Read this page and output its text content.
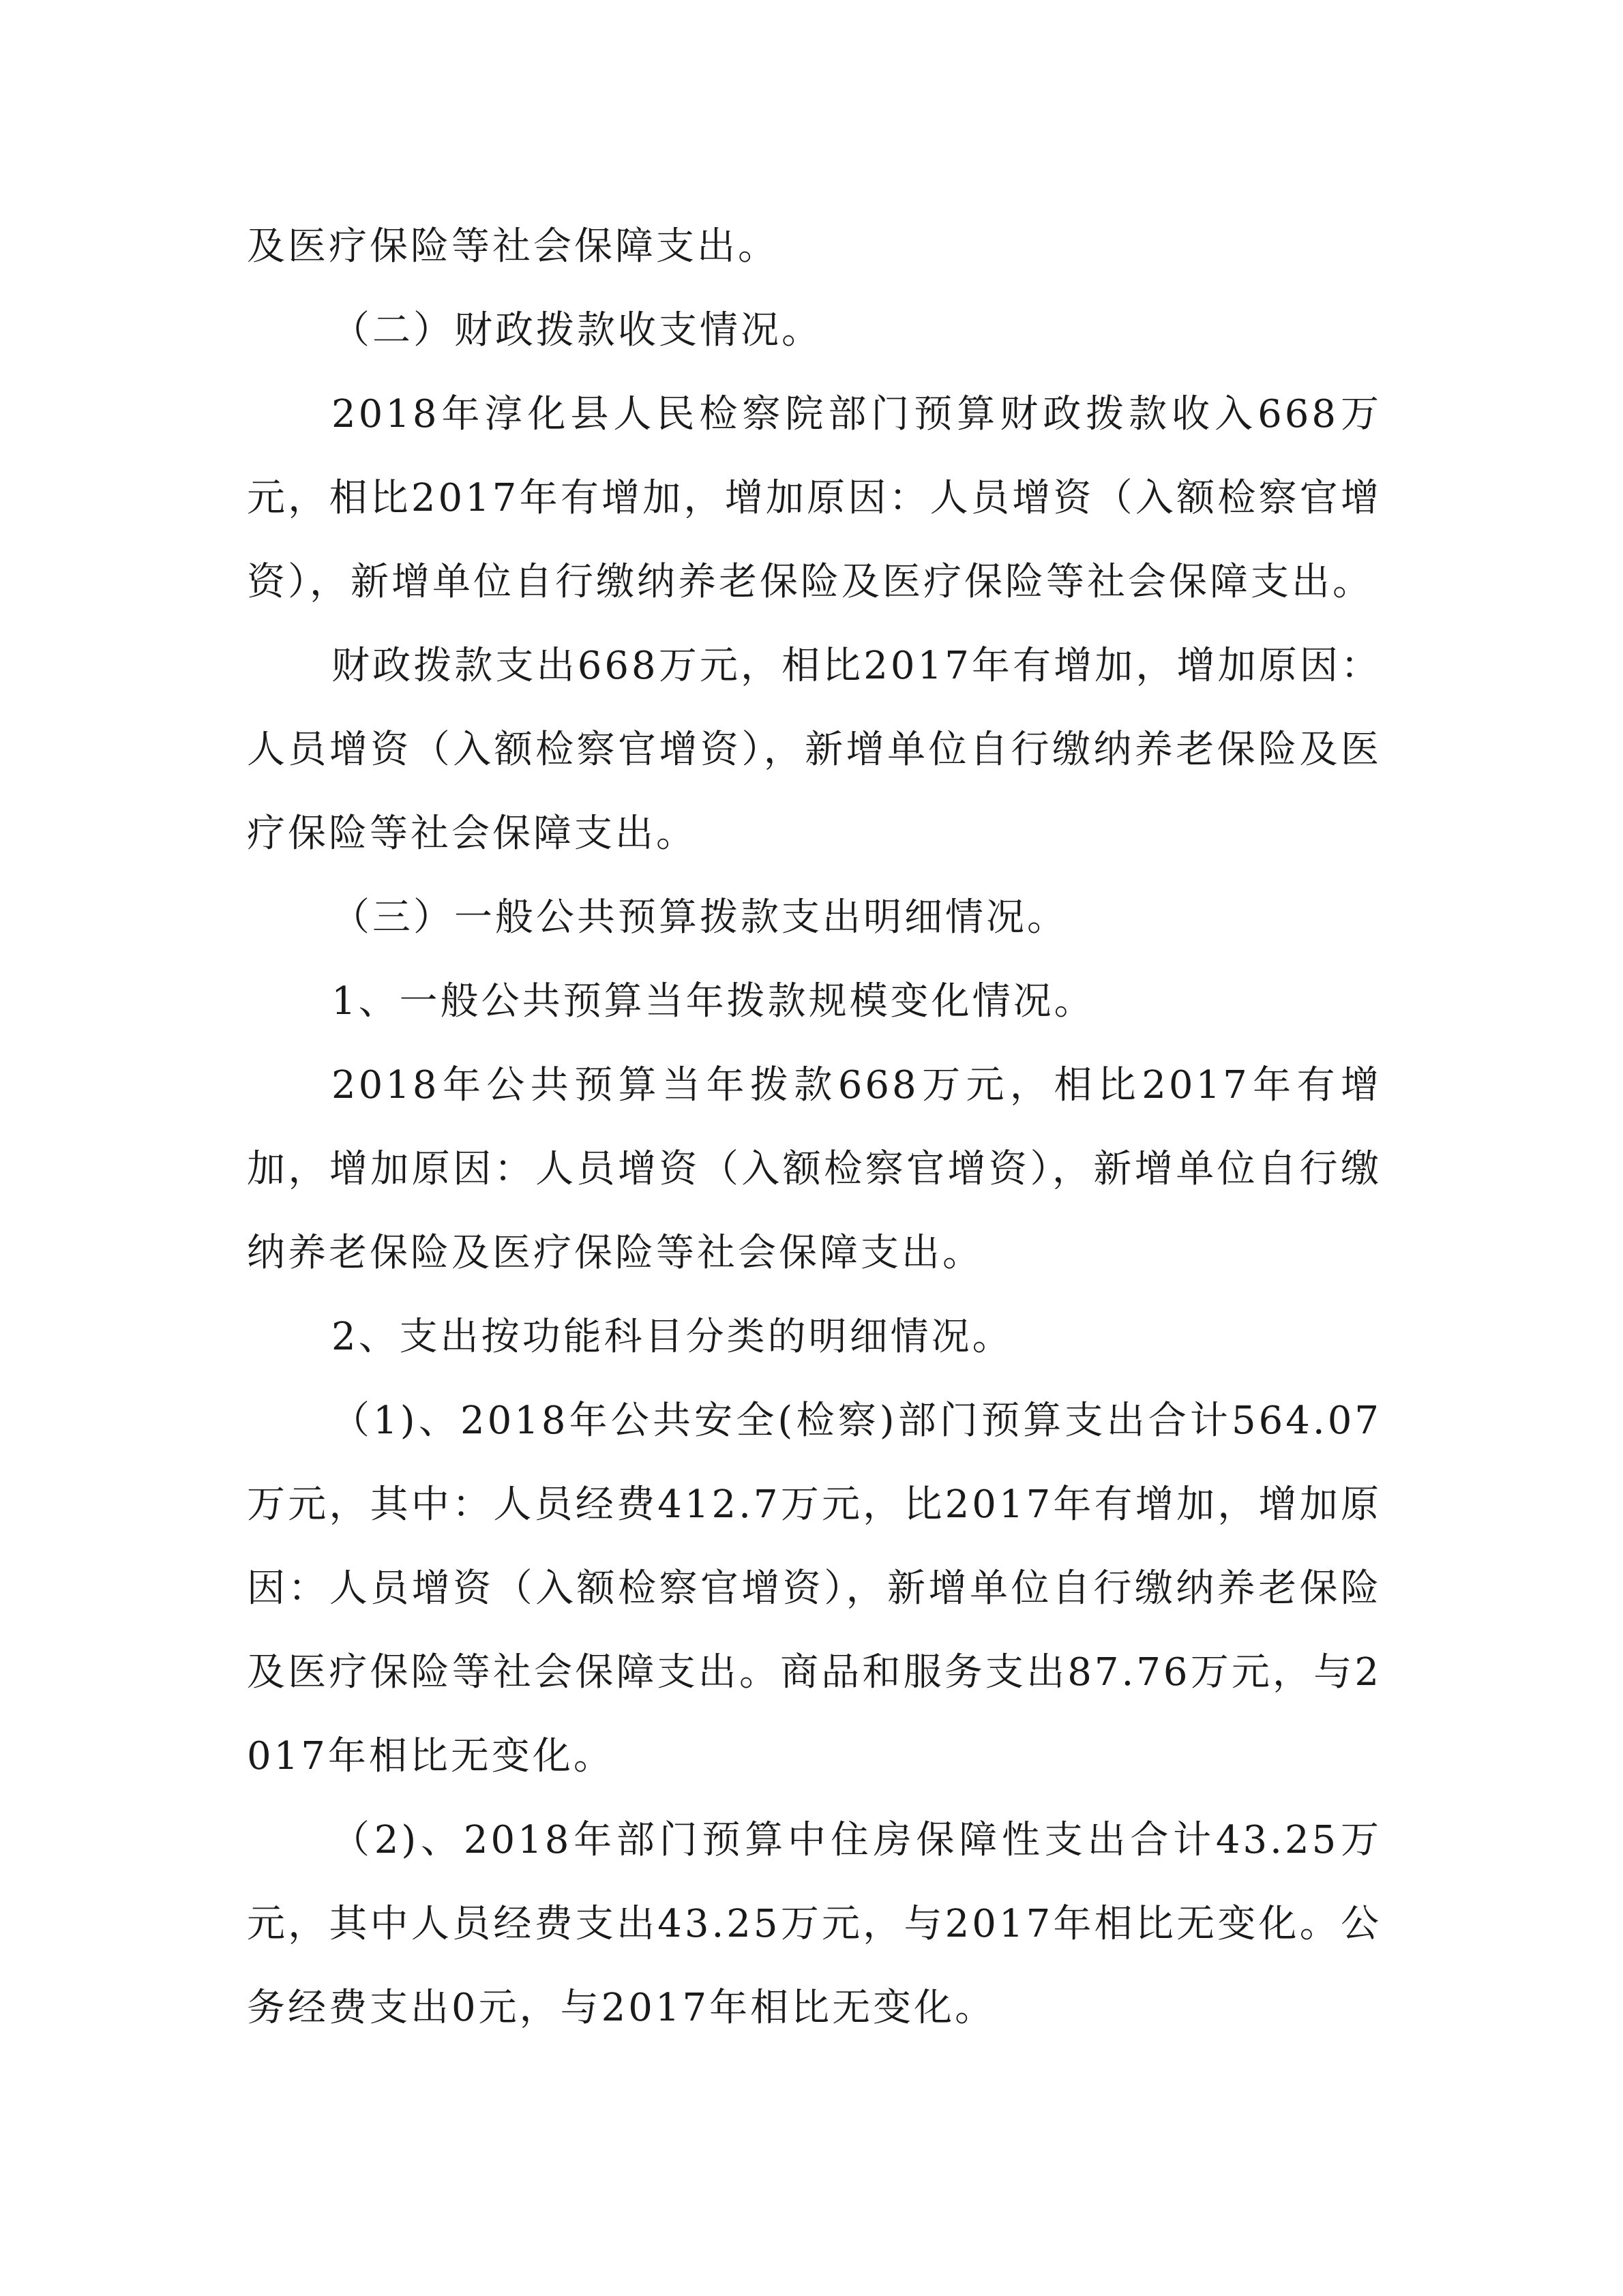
及医疗保险等社会保障支出。

（二）财政拨款收支情况。

2018年淳化县人民检察院部门预算财政拨款收入668万元，相比2017年有增加，增加原因：人员增资（入额检察官增资），新增单位自行缴纳养老保险及医疗保险等社会保障支出。

财政拨款支出668万元，相比2017年有增加，增加原因：人员增资（入额检察官增资），新增单位自行缴纳养老保险及医疗保险等社会保障支出。

（三）一般公共预算拨款支出明细情况。

1、一般公共预算当年拨款规模变化情况。

2018年公共预算当年拨款668万元，相比2017年有增加，增加原因：人员增资（入额检察官增资），新增单位自行缴纳养老保险及医疗保险等社会保障支出。

2、支出按功能科目分类的明细情况。

（1)、2018年公共安全(检察)部门预算支出合计564.07万元，其中：人员经费412.7万元，比2017年有增加，增加原因：人员增资（入额检察官增资），新增单位自行缴纳养老保险及医疗保险等社会保障支出。商品和服务支出87.76万元，与2017年相比无变化。

（2)、2018年部门预算中住房保障性支出合计43.25万元，其中人员经费支出43.25万元，与2017年相比无变化。公务经费支出0元，与2017年相比无变化。
